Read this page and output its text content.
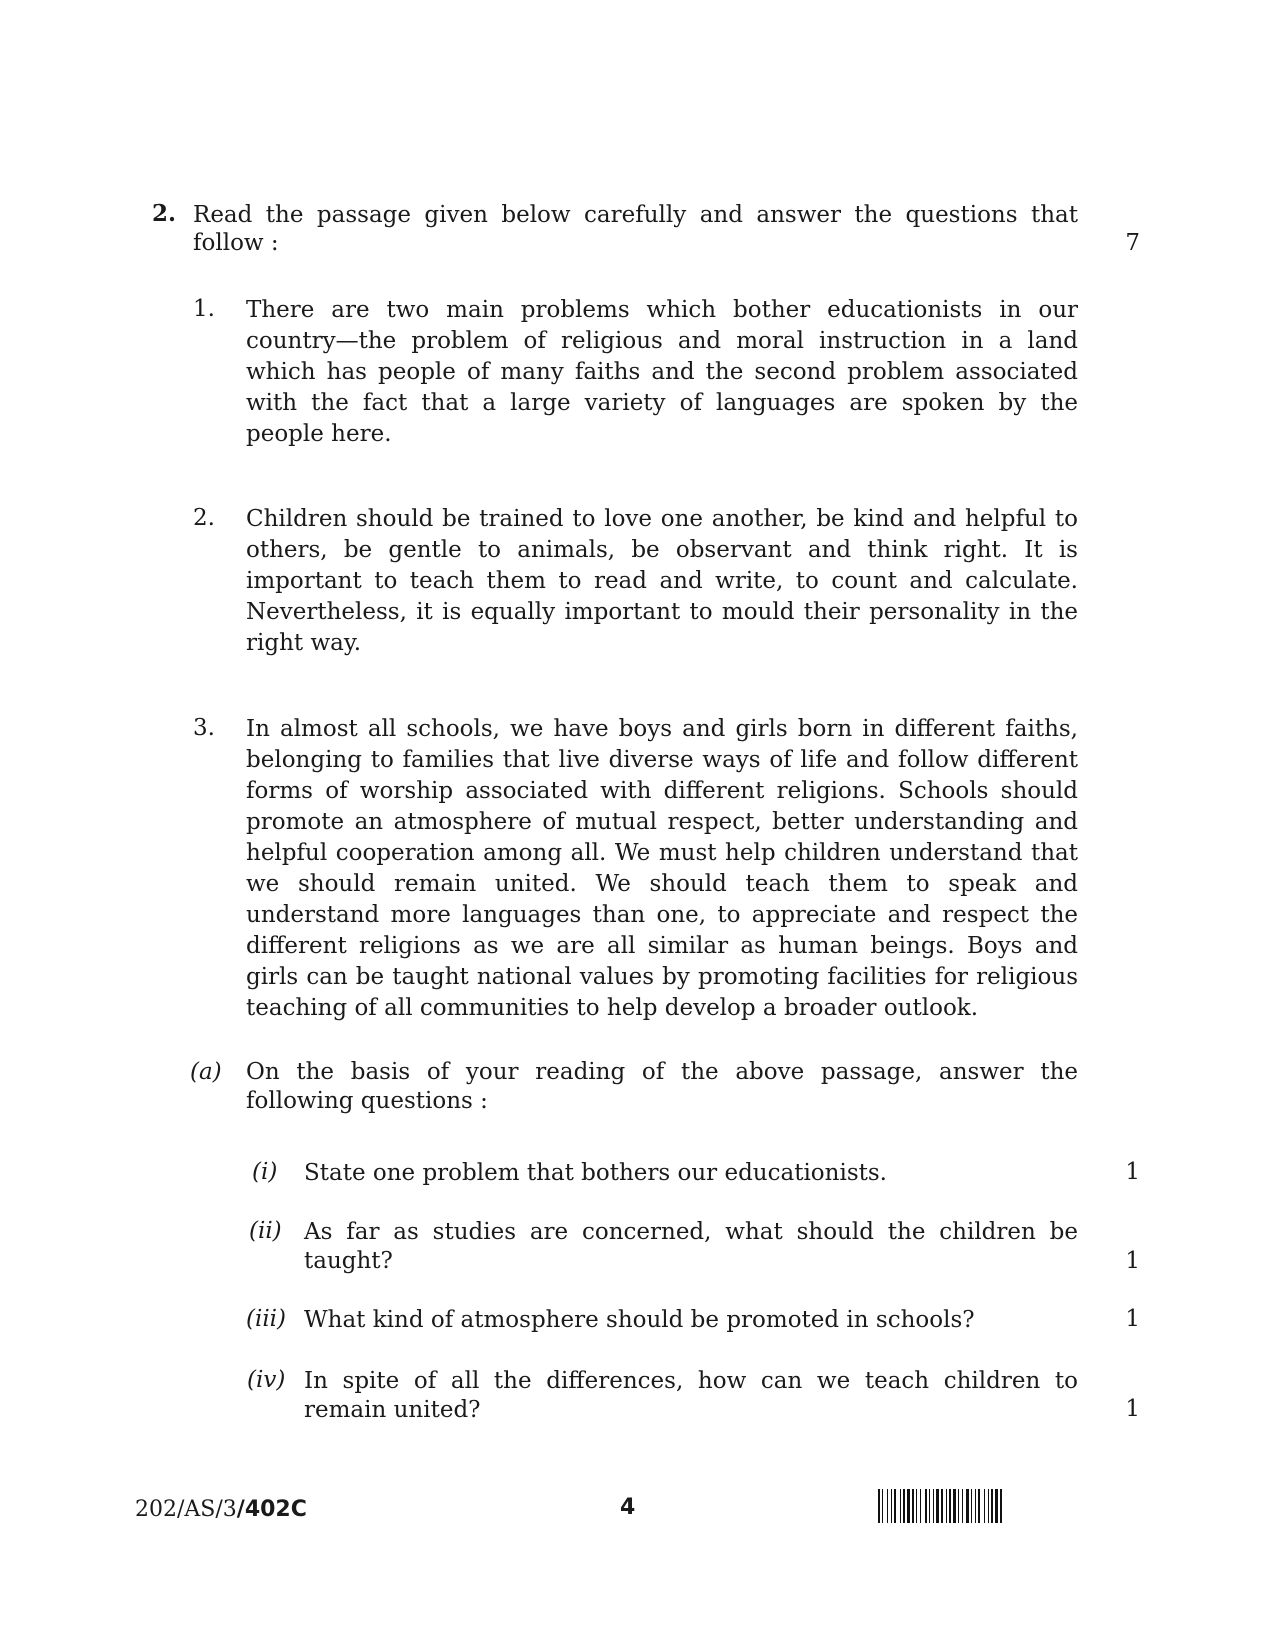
2. Read the passage given below carefully and answer the questions that
follow :	7
1. There are two main problems which bother educationists in our country—the problem of religious and moral instruction in a land which has people of many faiths and the second problem associated with the fact that a large variety of languages are spoken by the people here.
2. Children should be trained to love one another, be kind and helpful to others, be gentle to animals, be observant and think right. It is important to teach them to read and write, to count and calculate. Nevertheless, it is equally important to mould their personality in the right way.
3. In almost all schools, we have boys and girls born in different faiths, belonging to families that live diverse ways of life and follow different forms of worship associated with different religions. Schools should promote an atmosphere of mutual respect, better understanding and helpful cooperation among all. We must help children understand that we should remain united. We should teach them to speak and understand more languages than one, to appreciate and respect the different religions as we are all similar as human beings. Boys and girls can be taught national values by promoting facilities for religious teaching of all communities to help develop a broader outlook.
(a) On the basis of your reading of the above passage, answer the following questions :
(i) State one problem that bothers our educationists.	1
(ii) As far as studies are concerned, what should the children be taught?	1
(iii) What kind of atmosphere should be promoted in schools?	1
(iv) In spite of all the differences, how can we teach children to remain united?	1
202/AS/3/402C	4
